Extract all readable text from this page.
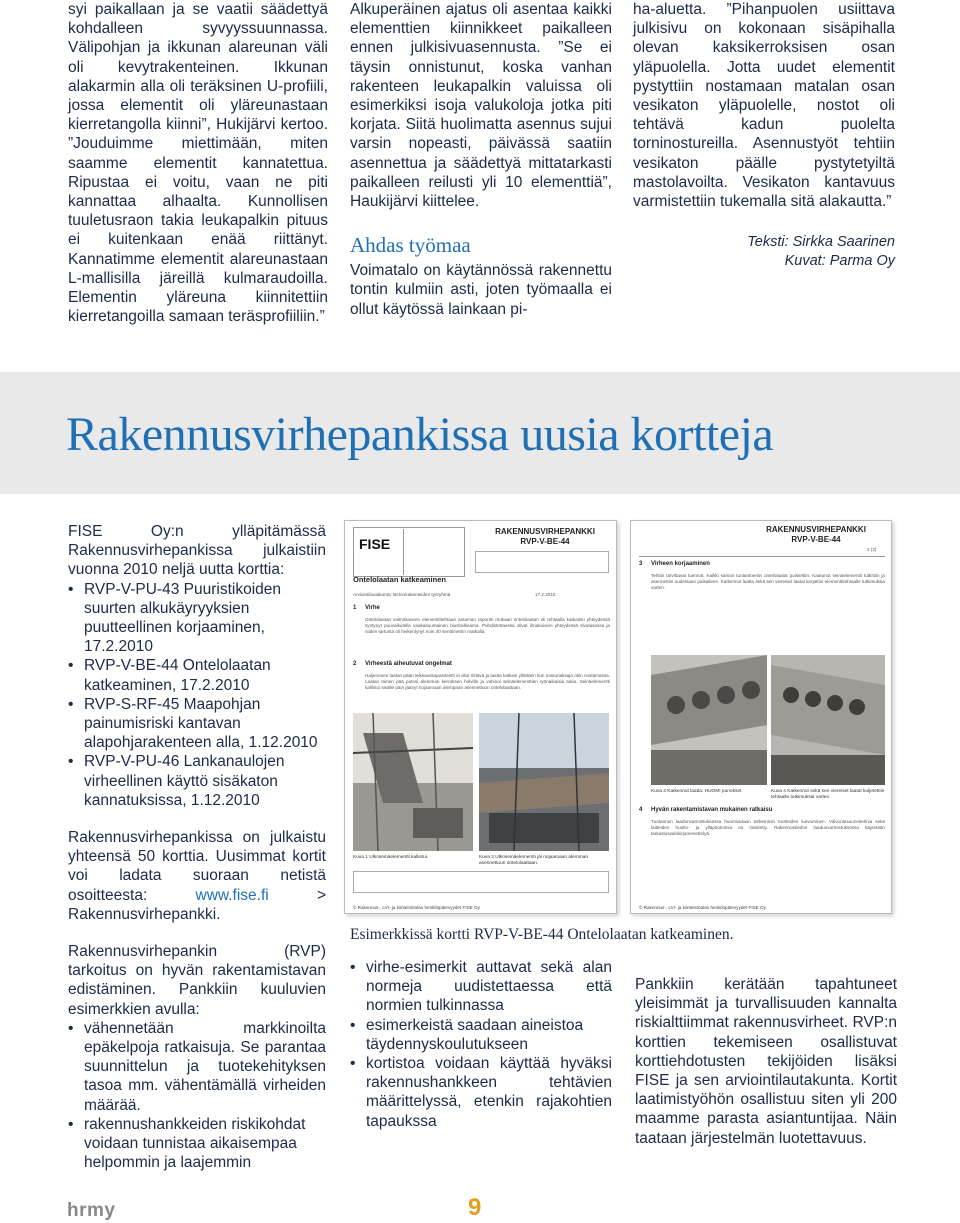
syi paikallaan ja se vaatii säädettyä kohdalleen syvyyssuunnassa. Välipohjan ja ikkunan alareunan väli oli kevytrakenteinen. Ikkunan alakarmin alla oli teräksinen U-profiili, jossa elementit oli yläreunastaan kierretangolla kiinni”, Hukijärvi kertoo. ”Jouduimme miettimään, miten saamme elementit kannatettua. Ripustaa ei voitu, vaan ne piti kannattaa alhaalta. Kunnollisen tuuletusraon takia leukapalkin pituus ei kuitenkaan enää riittänyt. Kannatimme elementit alareunastaan L-mallisilla järeillä kulmaraudoilla. Elementin yläreuna kiinnitettiin kierretangoilla samaan teräsprofiiliin.”

Alkuperäinen ajatus oli asentaa kaikki elementtien kiinnikkeet paikalleen ennen julkisivuasennusta. ”Se ei täysin onnistunut, koska vanhan rakenteen leukapalkin valuissa oli esimerkiksi isoja valukoloja jotka piti korjata. Siitä huolimatta asennus sujui varsin nopeasti, päivässä saatiin asennettua ja säädettyä mittatarkasti paikalleen reilusti yli 10 elementtiä”, Haukijärvi kiittelee.

Ahdas työmaa

Voimatalo on käytännössä rakennettu tontin kulmiin asti, joten työmaalla ei ollut käytössä lainkaan pi-

ha-aluetta. ”Pihanpuolen usiittava julkisivu on kokonaan sisäpihalla olevan kaksikerroksisen osan yläpuolella. Jotta uudet elementit pystyttiin nostamaan matalan osan vesikaton yläpuolelle, nostot oli tehtävä kadun puolelta torninostureilla. Asennustyöt tehtiin vesikaton päälle pystytetyiltä mastolavoilta. Vesikaton kantavuus varmistettiin tukemalla sitä alakautta.”

Teksti: Sirkka Saarinen
Kuvat: Parma Oy
Rakennusvirhepankissa uusia kortteja

FISE Oy:n ylläpitämässä Rakennusvirhepankissa julkaistiin vuonna 2010 neljä uutta korttia:

• RVP-V-PU-43 Puuristikoiden suurten alkukäyryyksien puutteellinen korjaaminen, 17.2.2010
• RVP-V-BE-44 Ontelolaatan katkeaminen, 17.2.2010
• RVP-S-RF-45 Maapohjan painumisriski kantavan alapohjarakenteen alla, 1.12.2010
• RVP-V-PU-46 Lankanaulojen virheellinen käyttö sisäkaton kannatuksissa, 1.12.2010

Rakennusvirhepankissa on julkaistu yhteensä 50 korttia. Uusimmat kortit voi ladata suoraan netistä osoitteesta: www.fise.fi > Rakennusvirhepankki.

Rakennusvirhepankin (RVP) tarkoitus on hyvän rakentamistavan edistäminen. Pankkiin kuuluvien esimerkkien avulla:

• vähennetään markkinoilta epäkelpoja ratkaisuja. Se parantaa suunnittelun ja tuotekehityksen tasoa mm. vähentämällä virheiden määrää.
• rakennushankkeiden riskikohdat voidaan tunnistaa aikaisempaa helpommin ja laajemmin
FISE
RAKENNUSVIRHEPANKKI
RVP-V-BE-44
Ontelolaatan katkeaminen
Arviointilautakunta: Betonirakenteiden työryhmä	17.2.2010
1 Virhe
Ontelolaatan valmistaneen elementtitehtaan antaman raportin mukaan ontelolaatan oli tehtaalla katkaistu yhteydessä syntynyt puuvaikutelle vaakasuuntainen hiushalkeama. Puhdistettaessa olivat ilmakuivien yhteydessä sivutasossa ja niiden tartunta oli heikentynyt noin 40 senttimetrin matkalla.
2 Virheestä aiheutuvat ongelmat
Haljenneen laatan pään leikkauskapasiteetti ei ollut riittävä ja laatta katkesi yllättäen kun nosturiaksaja otiin nostamassa. Laatan toinen pää putosi alemman kerroksen holville ja vahinoi seinäelementtien työnaikaisia tukia. Seinäelementti kallistui sisälle päin jäänyt nojaamaan alempaan asennettuun ontelolaattaan.
Kuva 1 Ulkoseinäelementti kallistui.	Kuva 2 Ulkoseinäelementti jäi nojaamaan alemman asennettuun ontelolaattaan.
© Rakennus-, LVI- ja kiinteistöalan henkilöpätevyydet FISE Oy
RAKENNUSVIRHEPANKKI
RVP-V-BE-44
2 (2)
3 Virheen korjaaminen
Tehtiin tarvittavat tuennat. Kaikki saman tuotantoerän ontelolaatat poistettiin. Kaatunut seinäelementti tutkittiin ja asennettiin uudestaan paikalleen. Katkennut laatta sekä sen viereiset laatat korjattiin elementtitehtaalle tutkimuksia varten.
Kuva 3 Katkennut laatta. HUOM! punokset.	Kuva 4 Katkennut sekä sen viereiset laatat kuljetettiin tehtaalle tutkimuksia varten.
4 Hyvän rakentamistavan mukainen ratkaisu
Tuotannon laadunvarmistuksessa huomioidaan tarkemmin tuotteiden kuivuminen. Valvontasuunnitelmia sekä laitteiden huolto- ja ylläpitotoimia on tiivistetty. Rakennustiedon laadunvarmistuksessa käytetään tarkastusvalokirjamenettelyä.
© Rakennus-, LVI- ja kiinteistöalan henkilöpätevyydet FISE Oy
Esimerkkissä kortti RVP-V-BE-44 Ontelolaatan katkeaminen.
• virhe-esimerkit auttavat sekä alan normeja uudistettaessa että normien tulkinnassa
• esimerkeistä saadaan aineistoa täydennyskoulutukseen
• kortistoa voidaan käyttää hyväksi rakennushankkeen tehtävien määrittelyssä, etenkin rajakohtien tapaukssa

Pankkiin kerätään tapahtuneet yleisimmät ja turvallisuuden kannalta riskialttiimmat rakennusvirheet. RVP:n korttien tekemiseen osallistuvat korttiehdotusten tekijöiden lisäksi FISE ja sen arviointilautakunta. Kortit laatimistyöhön osallistuu siten yli 200 maamme parasta asiantuntijaa. Näin taataan järjestelmän luotettavuus.

hrmy	9
